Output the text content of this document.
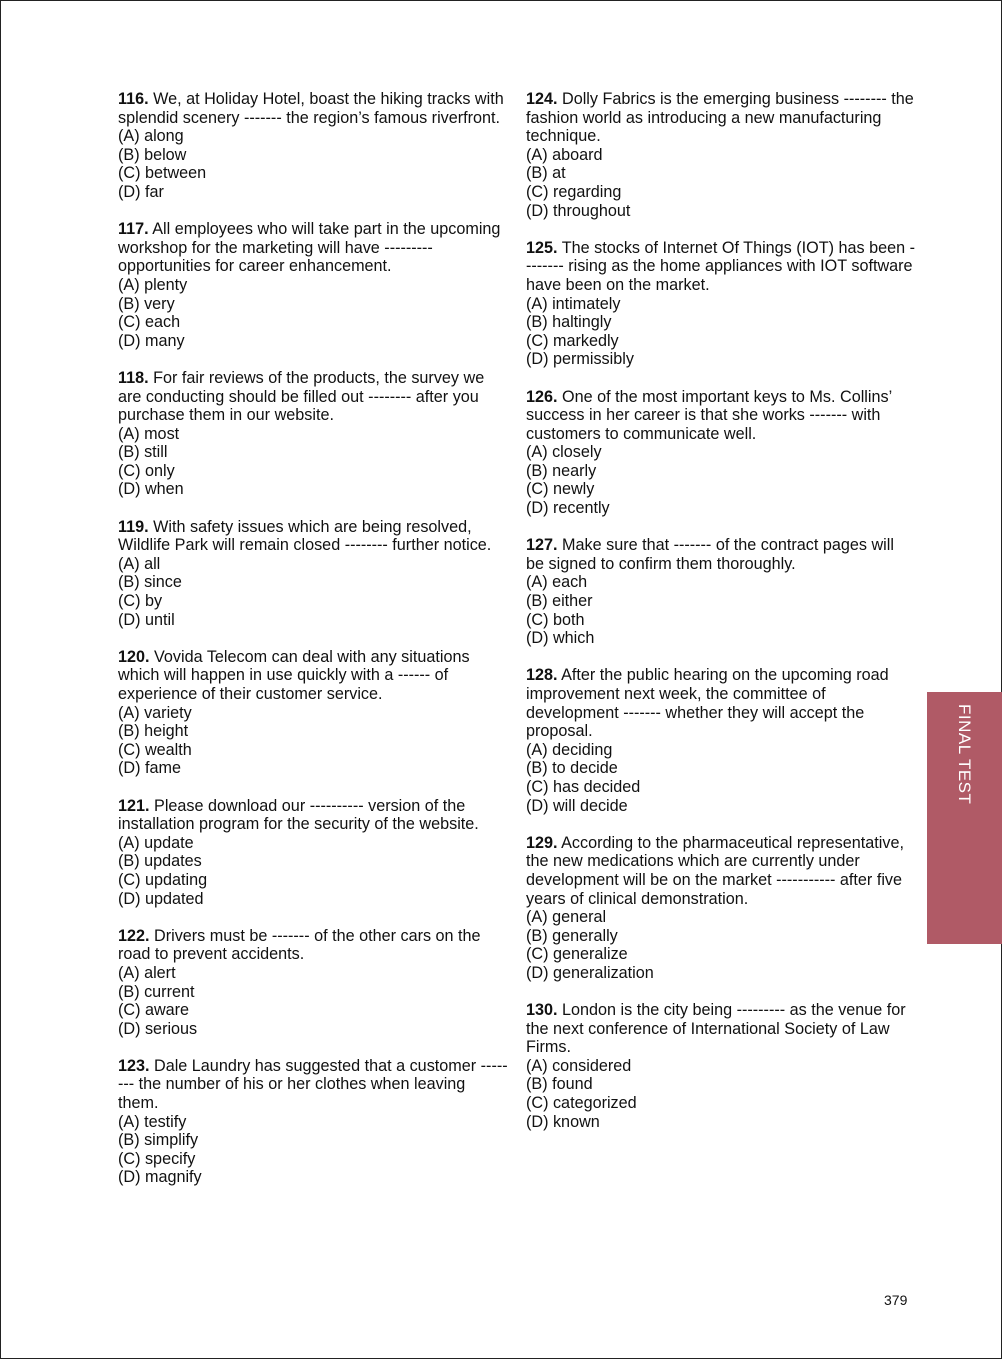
116. We, at Holiday Hotel, boast the hiking tracks with splendid scenery ------- the region’s famous riverfront.

(A) along

(B) below

(C) between

(D) far

117. All employees who will take part in the upcoming workshop for the marketing will have --------- opportunities for career enhancement.

(A) plenty

(B) very

(C) each

(D) many

118. For fair reviews of the products, the survey we are conducting should be filled out -------- after you purchase them in our website.

(A) most

(B) still

(C) only

(D) when

119. With safety issues which are being resolved, Wildlife Park will remain closed -------- further notice.

(A) all

(B) since

(C) by

(D) until

120. Vovida Telecom can deal with any situations which will happen in use quickly with a ------ of experience of their customer service.

(A) variety

(B) height

(C) wealth

(D) fame

121. Please download our ---------- version of the installation program for the security of the website.

(A) update

(B) updates

(C) updating

(D) updated

122. Drivers must be ------- of the other cars on the road to prevent accidents.

(A) alert

(B) current

(C) aware

(D) serious

123. Dale Laundry has suggested that a customer -------- the number of his or her clothes when leaving them.

(A) testify

(B) simplify

(C) specify

(D) magnify

124. Dolly Fabrics is the emerging business -------- the fashion world as introducing a new manufacturing technique.

(A) aboard

(B) at

(C) regarding

(D) throughout

125. The stocks of Internet Of Things (IOT) has been -------- rising as the home appliances with IOT software have been on the market.

(A) intimately

(B) haltingly

(C) markedly

(D) permissibly

126. One of the most important keys to Ms. Collins’ success in her career is that she works ------- with customers to communicate well.

(A) closely

(B) nearly

(C) newly

(D) recently

127. Make sure that ------- of the contract pages will be signed to confirm them thoroughly.

(A) each

(B) either

(C) both

(D) which

128. After the public hearing on the upcoming road improvement next week, the committee of development ------- whether they will accept the proposal.

(A) deciding

(B) to decide

(C) has decided

(D) will decide

129. According to the pharmaceutical representative, the new medications which are currently under development will be on the market ----------- after five years of clinical demonstration.

(A) general

(B) generally

(C) generalize

(D) generalization

130. London is the city being --------- as the venue for the next conference of International Society of Law Firms.

(A) considered

(B) found

(C) categorized

(D) known

FINAL TEST
379
